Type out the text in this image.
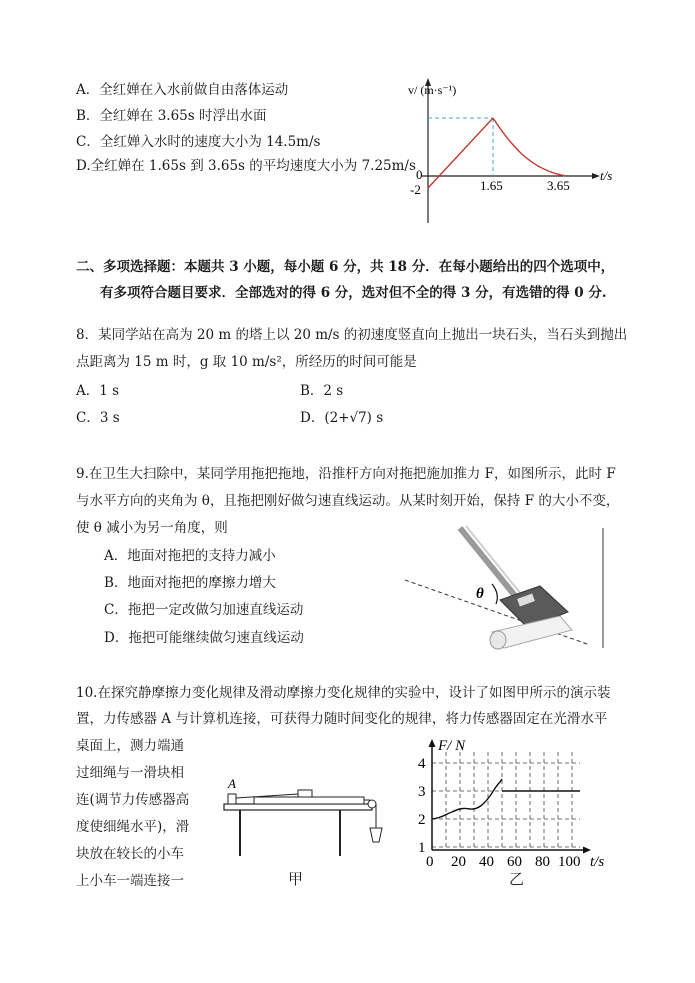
A．全红婵在入水前做自由落体运动
B．全红婵在 3.65s 时浮出水面
C．全红婵入水时的速度大小为 14.5m/s
D.全红婵在 1.65s 到 3.65s 的平均速度大小为 7.25m/s
v/ (m·s⁻¹)
t/s
0
-2	1.65	3.65
二、多项选择题：本题共 3 小题，每小题 6 分，共 18 分．在每小题给出的四个选项中，
有多项符合题目要求．全部选对的得 6 分，选对但不全的得 3 分，有选错的得 0 分.
8．某同学站在高为 20 m 的塔上以 20 m/s 的初速度竖直向上抛出一块石头，当石头到抛出
点距离为 15 m 时，g 取 10 m/s²，所经历的时间可能是
A．1 s	B．2 s
C．3 s	D．(2+√7) s
9.在卫生大扫除中，某同学用拖把拖地，沿推杆方向对拖把施加推力 F，如图所示，此时 F
与水平方向的夹角为 θ，且拖把刚好做匀速直线运动。从某时刻开始，保持 F 的大小不变，
使 θ 减小为另一角度，则
A．地面对拖把的支持力减小
B．地面对拖把的摩擦力增大
C．拖把一定改做匀加速直线运动
D．拖把可能继续做匀速直线运动
θ
10.在探究静摩擦力变化规律及滑动摩擦力变化规律的实验中，设计了如图甲所示的演示装
置，力传感器 A 与计算机连接，可获得力随时间变化的规律，将力传感器固定在光滑水平
桌面上，测力端通
过细绳与一滑块相
连(调节力传感器高
度使细绳水平)，滑
块放在较长的小车
上小车一端连接一
A
甲
F/ N
4
3
2
1
0 20 40 60 80 100 t/s
乙
